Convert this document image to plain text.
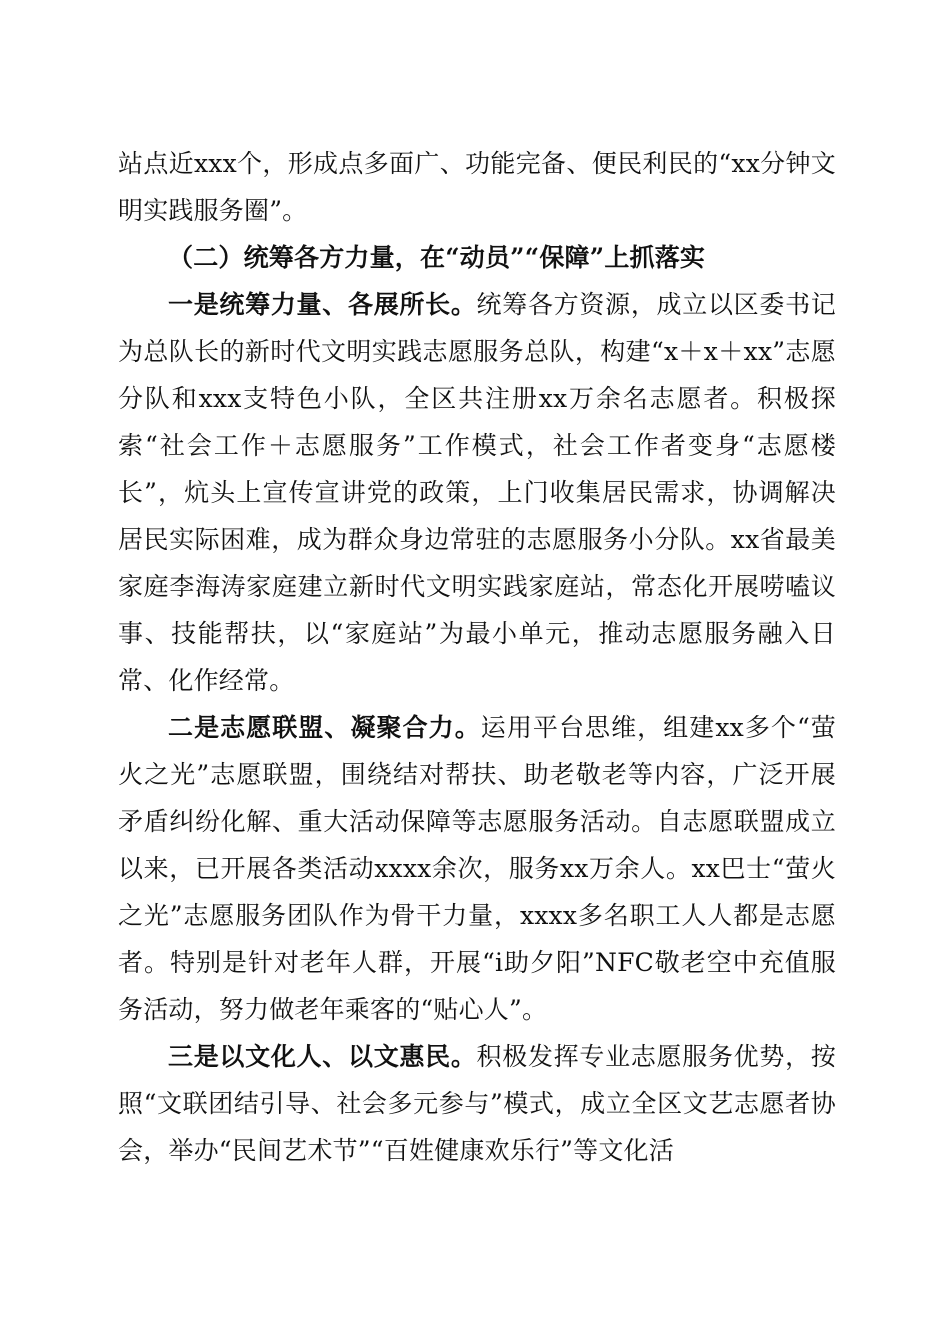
站点近xxx个，形成点多面广、功能完备、便民利民的“xx分钟文明实践服务圈”。

（二）统筹各方力量，在“动员”“保障”上抓落实

一是统筹力量、各展所长。统筹各方资源，成立以区委书记为总队长的新时代文明实践志愿服务总队，构建“x＋x＋xx”志愿分队和xxx支特色小队，全区共注册xx万余名志愿者。积极探索“社会工作＋志愿服务”工作模式，社会工作者变身“志愿楼长”，炕头上宣传宣讲党的政策，上门收集居民需求，协调解决居民实际困难，成为群众身边常驻的志愿服务小分队。xx省最美家庭李海涛家庭建立新时代文明实践家庭站，常态化开展唠嗑议事、技能帮扶，以“家庭站”为最小单元，推动志愿服务融入日常、化作经常。

二是志愿联盟、凝聚合力。运用平台思维，组建xx多个“萤火之光”志愿联盟，围绕结对帮扶、助老敬老等内容，广泛开展矛盾纠纷化解、重大活动保障等志愿服务活动。自志愿联盟成立以来，已开展各类活动xxxx余次，服务xx万余人。xx巴士“萤火之光”志愿服务团队作为骨干力量，xxxx多名职工人人都是志愿者。特别是针对老年人群，开展“i助夕阳”NFC敬老空中充值服务活动，努力做老年乘客的“贴心人”。

三是以文化人、以文惠民。积极发挥专业志愿服务优势，按照“文联团结引导、社会多元参与”模式，成立全区文艺志愿者协会，举办“民间艺术节”“百姓健康欢乐行”等文化活
